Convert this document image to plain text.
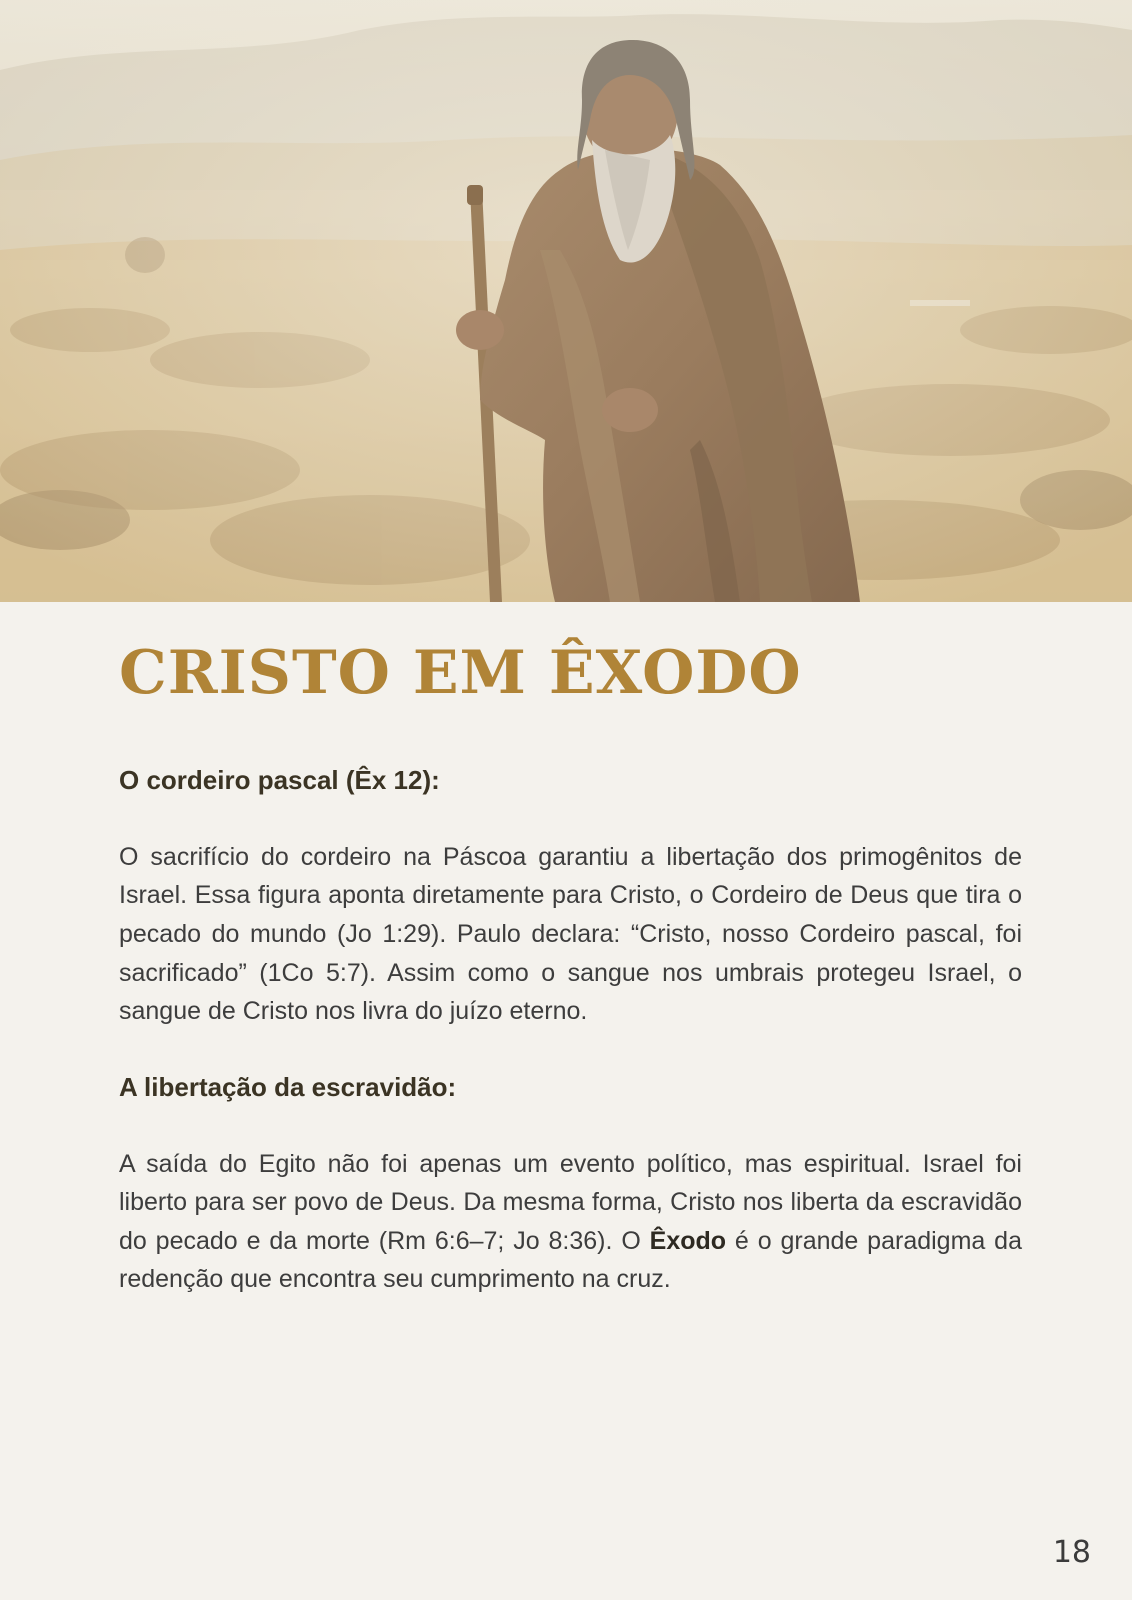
CRISTO EM ÊXODO
O cordeiro pascal (Êx 12):

O sacrifício do cordeiro na Páscoa garantiu a libertação dos primogênitos de Israel. Essa figura aponta diretamente para Cristo, o Cordeiro de Deus que tira o pecado do mundo (Jo 1:29). Paulo declara: “Cristo, nosso Cordeiro pascal, foi sacrificado” (1Co 5:7). Assim como o sangue nos umbrais protegeu Israel, o sangue de Cristo nos livra do juízo eterno.

A libertação da escravidão:

A saída do Egito não foi apenas um evento político, mas espiritual. Israel foi liberto para ser povo de Deus. Da mesma forma, Cristo nos liberta da escravidão do pecado e da morte (Rm 6:6–7; Jo 8:36). O Êxodo é o grande paradigma da redenção que encontra seu cumprimento na cruz.

18
